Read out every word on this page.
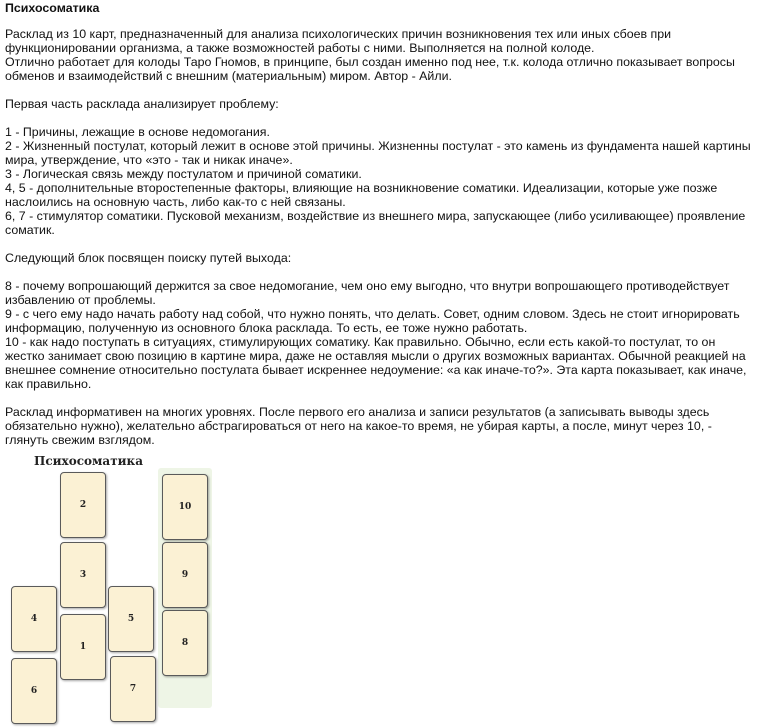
Психосоматика

Расклад из 10 карт, предназначенный для анализа психологических причин возникновения тех или иных сбоев при функционировании организма, а также возможностей работы с ними. Выполняется на полной колоде.
Отлично работает для колоды Таро Гномов, в принципе, был создан именно под нее, т.к. колода отлично показывает вопросы обменов и взаимодействий с внешним (материальным) миром. Автор - Айли.

Первая часть расклада анализирует проблему:

1 - Причины, лежащие в основе недомогания.
2 - Жизненный постулат, который лежит в основе этой причины. Жизненны постулат - это камень из фундамента нашей картины мира, утверждение, что «это - так и никак иначе».
3 - Логическая связь между постулатом и причиной соматики.
4, 5 - дополнительные второстепенные факторы, влияющие на возникновение соматики. Идеализации, которые уже позже наслоились на основную часть, либо как-то с ней связаны.
6, 7 - стимулятор соматики. Пусковой механизм, воздействие из внешнего мира, запускающее (либо усиливающее) проявление соматик.

Следующий блок посвящен поиску путей выхода:

8 - почему вопрошающий держится за свое недомогание, чем оно ему выгодно, что внутри вопрошающего противодействует избавлению от проблемы.
9 - с чего ему надо начать работу над собой, что нужно понять, что делать. Совет, одним словом. Здесь не стоит игнорировать информацию, полученную из основного блока расклада. То есть, ее тоже нужно работать.
10 - как надо поступать в ситуациях, стимулирующих соматику. Как правильно. Обычно, если есть какой-то постулат, то он жестко занимает свою позицию в картине мира, даже не оставляя мысли о других возможных вариантах. Обычной реакцией на внешнее сомнение относительно постулата бывает искреннее недоумение: «а как иначе-то?». Эта карта показывает, как иначе, как правильно.

Расклад информативен на многих уровнях. После первого его анализа и записи результатов (а записывать выводы здесь обязательно нужно), желательно абстрагироваться от него на какое-то время, не убирая карты, а после, минут через 10, - глянуть свежим взглядом.

Психосоматика
2
3
1
4	5
6	7
10
9
8
